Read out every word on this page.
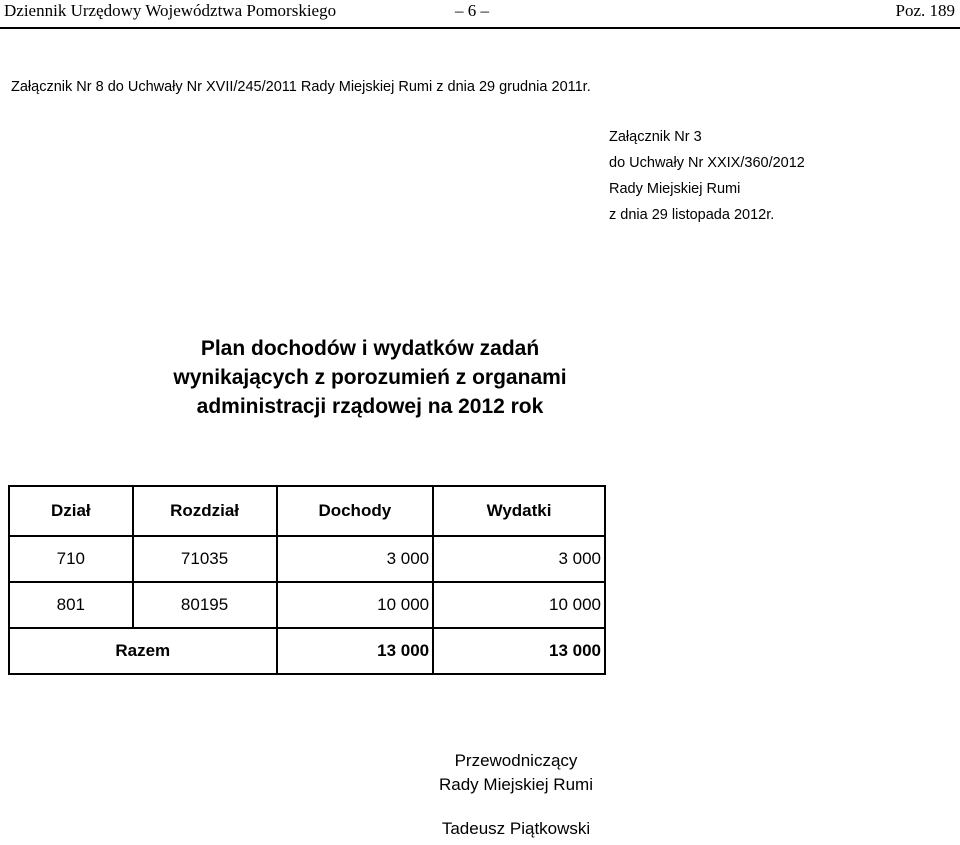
Dziennik Urzędowy Województwa Pomorskiego	– 6 –	Poz. 189
Załącznik Nr 8 do Uchwały Nr XVII/245/2011 Rady Miejskiej Rumi z dnia 29 grudnia 2011r.
Załącznik Nr 3
do Uchwały Nr XXIX/360/2012
Rady Miejskiej Rumi
z dnia 29 listopada 2012r.
Plan dochodów i wydatków zadań
wynikających z porozumień z organami
administracji rządowej na 2012 rok
Dział	Rozdział	Dochody	Wydatki
710	71035	3 000	3 000
801	80195	10 000	10 000
Razem		13 000	13 000
Przewodniczący
Rady Miejskiej Rumi
Tadeusz Piątkowski
